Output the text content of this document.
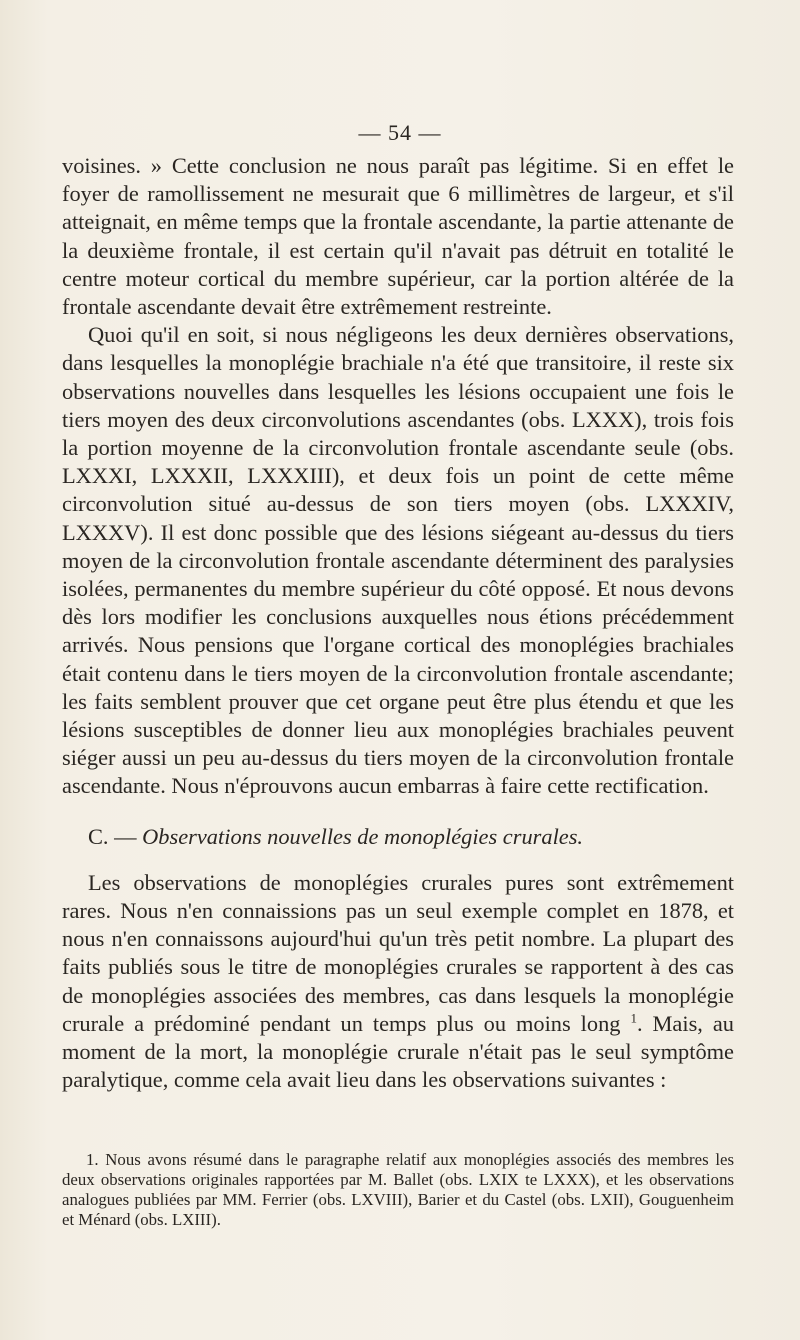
— 54 —

voisines. » Cette conclusion ne nous paraît pas légitime. Si en effet le foyer de ramollissement ne mesurait que 6 millimètres de largeur, et s'il atteignait, en même temps que la frontale ascendante, la partie attenante de la deuxième frontale, il est certain qu'il n'avait pas détruit en totalité le centre moteur cortical du membre supérieur, car la portion altérée de la frontale ascendante devait être extrêmement restreinte.

Quoi qu'il en soit, si nous négligeons les deux dernières observations, dans lesquelles la monoplégie brachiale n'a été que transitoire, il reste six observations nouvelles dans lesquelles les lésions occupaient une fois le tiers moyen des deux circonvolutions ascendantes (obs. LXXX), trois fois la portion moyenne de la circonvolution frontale ascendante seule (obs. LXXXI, LXXXII, LXXXIII), et deux fois un point de cette même circonvolution situé au-dessus de son tiers moyen (obs. LXXXIV, LXXXV). Il est donc possible que des lésions siégeant au-dessus du tiers moyen de la circonvolution frontale ascendante déterminent des paralysies isolées, permanentes du membre supérieur du côté opposé. Et nous devons dès lors modifier les conclusions auxquelles nous étions précédemment arrivés. Nous pensions que l'organe cortical des monoplégies brachiales était contenu dans le tiers moyen de la circonvolution frontale ascendante; les faits semblent prouver que cet organe peut être plus étendu et que les lésions susceptibles de donner lieu aux monoplégies brachiales peuvent siéger aussi un peu au-dessus du tiers moyen de la circonvolution frontale ascendante. Nous n'éprouvons aucun embarras à faire cette rectification.

C. — Observations nouvelles de monoplégies crurales.

Les observations de monoplégies crurales pures sont extrêmement rares. Nous n'en connaissions pas un seul exemple complet en 1878, et nous n'en connaissons aujourd'hui qu'un très petit nombre. La plupart des faits publiés sous le titre de monoplégies crurales se rapportent à des cas de monoplégies associées des membres, cas dans lesquels la monoplégie crurale a prédominé pendant un temps plus ou moins long $^1$. Mais, au moment de la mort, la monoplégie crurale n'était pas le seul symptôme paralytique, comme cela avait lieu dans les observations suivantes :

1. Nous avons résumé dans le paragraphe relatif aux monoplégies associés des membres les deux observations originales rapportées par M. Ballet (obs. LXIX te LXXX), et les observations analogues publiées par MM. Ferrier (obs. LXVIII), Barier et du Castel (obs. LXII), Gouguenheim et Ménard (obs. LXIII).
